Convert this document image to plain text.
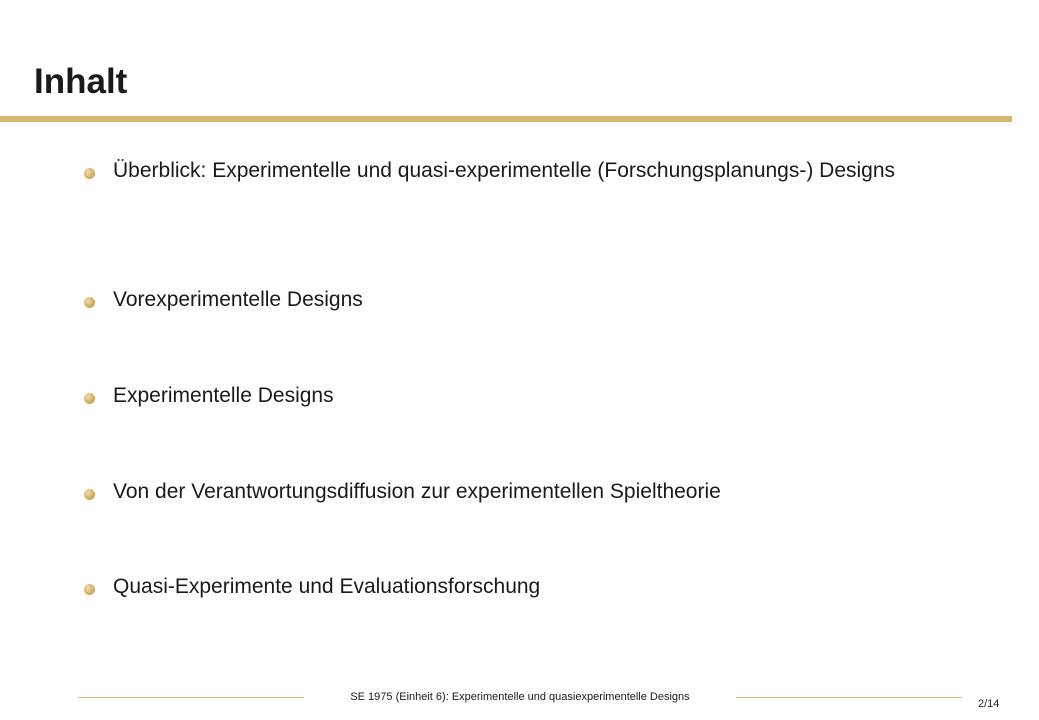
Inhalt
Überblick: Experimentelle und quasi-experimentelle (Forschungsplanungs-) Designs
Vorexperimentelle Designs
Experimentelle Designs
Von der Verantwortungsdiffusion zur experimentellen Spieltheorie
Quasi-Experimente und Evaluationsforschung
SE 1975 (Einheit 6): Experimentelle und quasiexperimentelle Designs
2/14
